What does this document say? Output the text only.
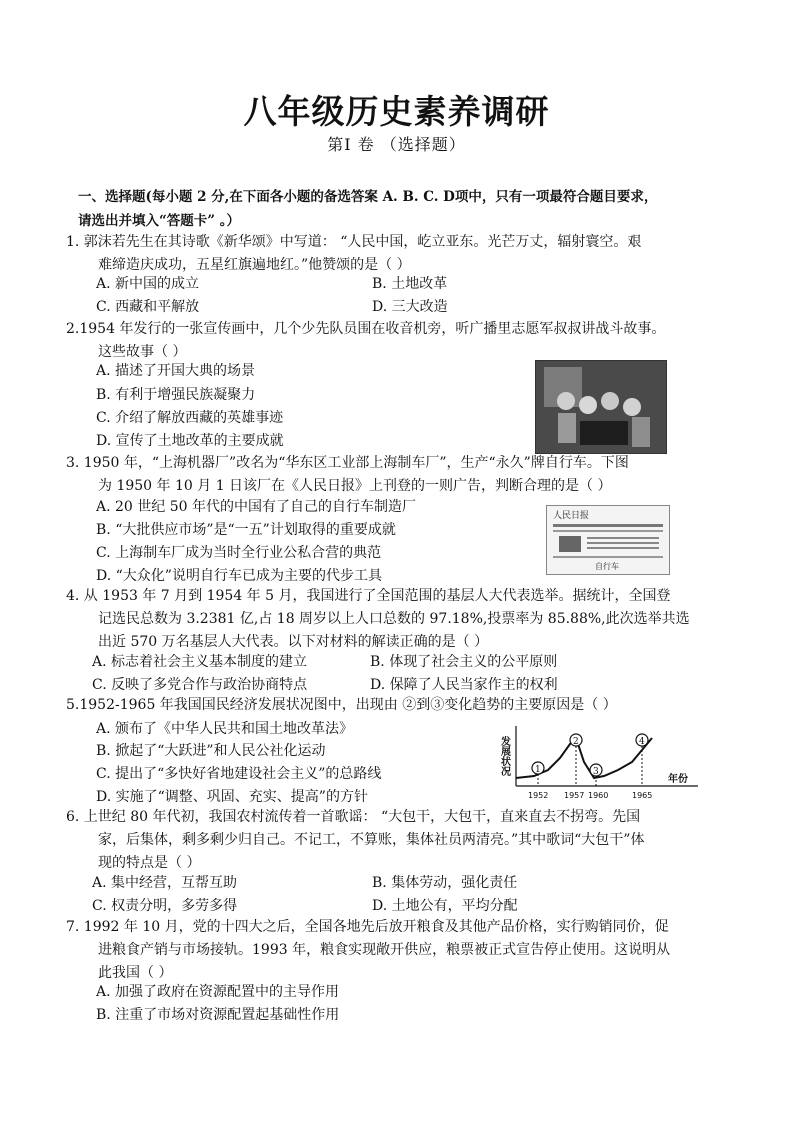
八年级历史素养调研
第Ⅰ 卷 （选择题）
一、选择题(每小题 2 分,在下面各小题的备选答案 A. B. C. D项中，只有一项最符合题目要求，
请选出并填入“答题卡” 。）
1. 郭沫若先生在其诗歌《新华颂》中写道： “人民中国，屹立亚东。光芒万丈，辐射寰空。艰
难缔造庆成功，五星红旗遍地红。”他赞颂的是（ ）
A. 新中国的成立	B. 土地改革
C. 西藏和平解放	D. 三大改造
2.1954 年发行的一张宣传画中，几个少先队员围在收音机旁，听广播里志愿军叔叔讲战斗故事。
这些故事（ ）
A. 描述了开国大典的场景
B. 有利于增强民族凝聚力
C. 介绍了解放西藏的英雄事迹
D. 宣传了土地改革的主要成就
3. 1950 年，“上海机器厂”改名为“华东区工业部上海制车厂”，生产“永久”牌自行车。下图
为 1950 年 10 月 1 日该厂在《人民日报》上刊登的一则广告，判断合理的是（ ）
A. 20 世纪 50 年代的中国有了自己的自行车制造厂
B. “大批供应市场”是“一五”计划取得的重要成就
C. 上海制车厂成为当时全行业公私合营的典范
D. “大众化”说明自行车已成为主要的代步工具
人民日报
自行车
4. 从 1953 年 7 月到 1954 年 5 月，我国进行了全国范围的基层人大代表选举。据统计，全国登
记选民总数为 3.2381 亿,占 18 周岁以上人口总数的 97.18%,投票率为 85.88%,此次选举共选
出近 570 万名基层人大代表。以下对材料的解读正确的是（ ）
A. 标志着社会主义基本制度的建立	B. 体现了社会主义的公平原则
C. 反映了多党合作与政治协商特点	D. 保障了人民当家作主的权利
5.1952-1965 年我国国民经济发展状况图中，出现由 ②到③变化趋势的主要原因是（ ）
A. 颁布了《中华人民共和国土地改革法》
B. 掀起了“大跃进”和人民公社化运动
C. 提出了“多快好省地建设社会主义”的总路线
D. 实施了“调整、巩固、充实、提高”的方针
发展状况	1
2
3
4
1952 1957 1960	1965
年份
6. 上世纪 80 年代初，我国农村流传着一首歌谣： “大包干，大包干，直来直去不拐弯。先国
家，后集体，剩多剩少归自己。不记工，不算账，集体社员两清亮。”其中歌词“大包干”体
现的特点是（ ）
A. 集中经营，互帮互助	B. 集体劳动，强化责任
C. 权责分明，多劳多得	D. 土地公有，平均分配
7. 1992 年 10 月，党的十四大之后，全国各地先后放开粮食及其他产品价格，实行购销同价，促
进粮食产销与市场接轨。1993 年，粮食实现敞开供应，粮票被正式宣告停止使用。这说明从
此我国（ ）
A. 加强了政府在资源配置中的主导作用
B. 注重了市场对资源配置起基础性作用
